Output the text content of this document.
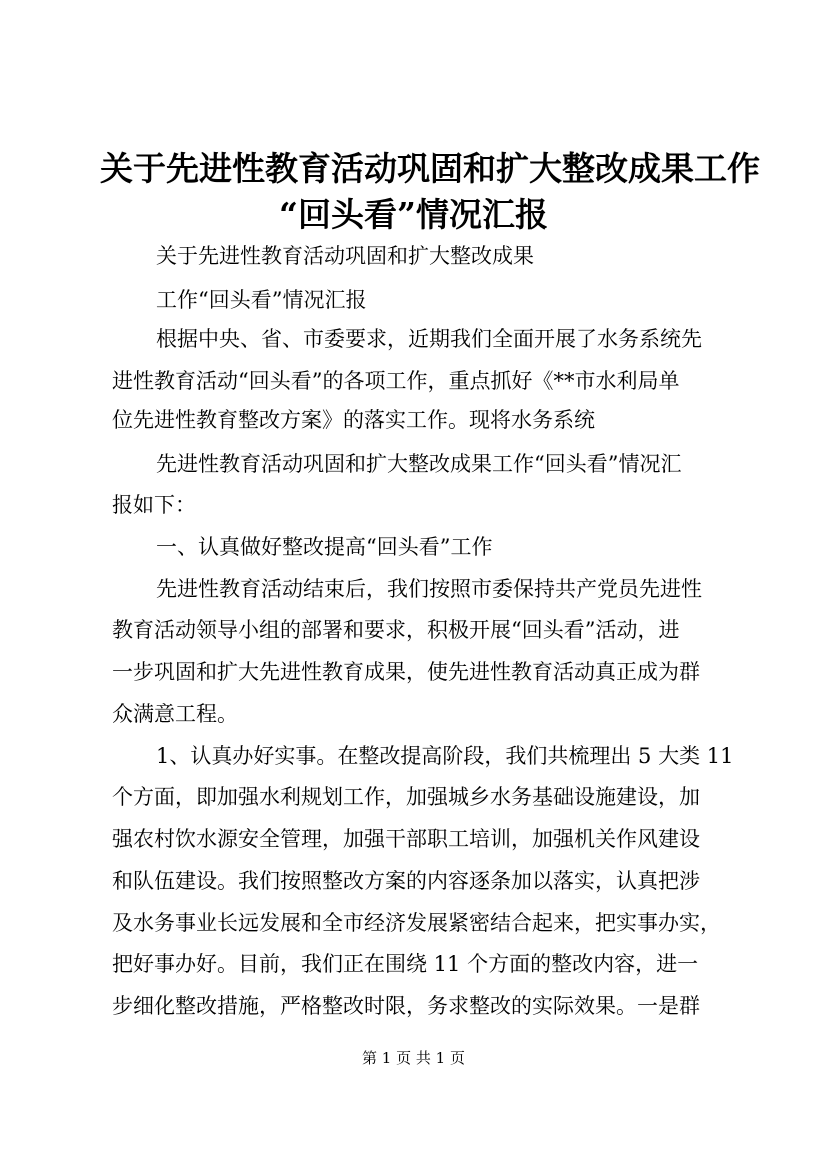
关于先进性教育活动巩固和扩大整改成果工作
“回头看”情况汇报
关于先进性教育活动巩固和扩大整改成果
工作“回头看”情况汇报
根据中央、省、市委要求，近期我们全面开展了水务系统先
进性教育活动“回头看”的各项工作，重点抓好《**市水利局单
位先进性教育整改方案》的落实工作。现将水务系统
先进性教育活动巩固和扩大整改成果工作“回头看”情况汇
报如下：
一、认真做好整改提高“回头看”工作
先进性教育活动结束后，我们按照市委保持共产党员先进性
教育活动领导小组的部署和要求，积极开展“回头看”活动，进
一步巩固和扩大先进性教育成果，使先进性教育活动真正成为群
众满意工程。
1、认真办好实事。在整改提高阶段，我们共梳理出 5 大类 11
个方面，即加强水利规划工作，加强城乡水务基础设施建设，加
强农村饮水源安全管理，加强干部职工培训，加强机关作风建设
和队伍建设。我们按照整改方案的内容逐条加以落实，认真把涉
及水务事业长远发展和全市经济发展紧密结合起来，把实事办实，
把好事办好。目前，我们正在围绕 11 个方面的整改内容，进一
步细化整改措施，严格整改时限，务求整改的实际效果。一是群
第 1 页 共 1 页
